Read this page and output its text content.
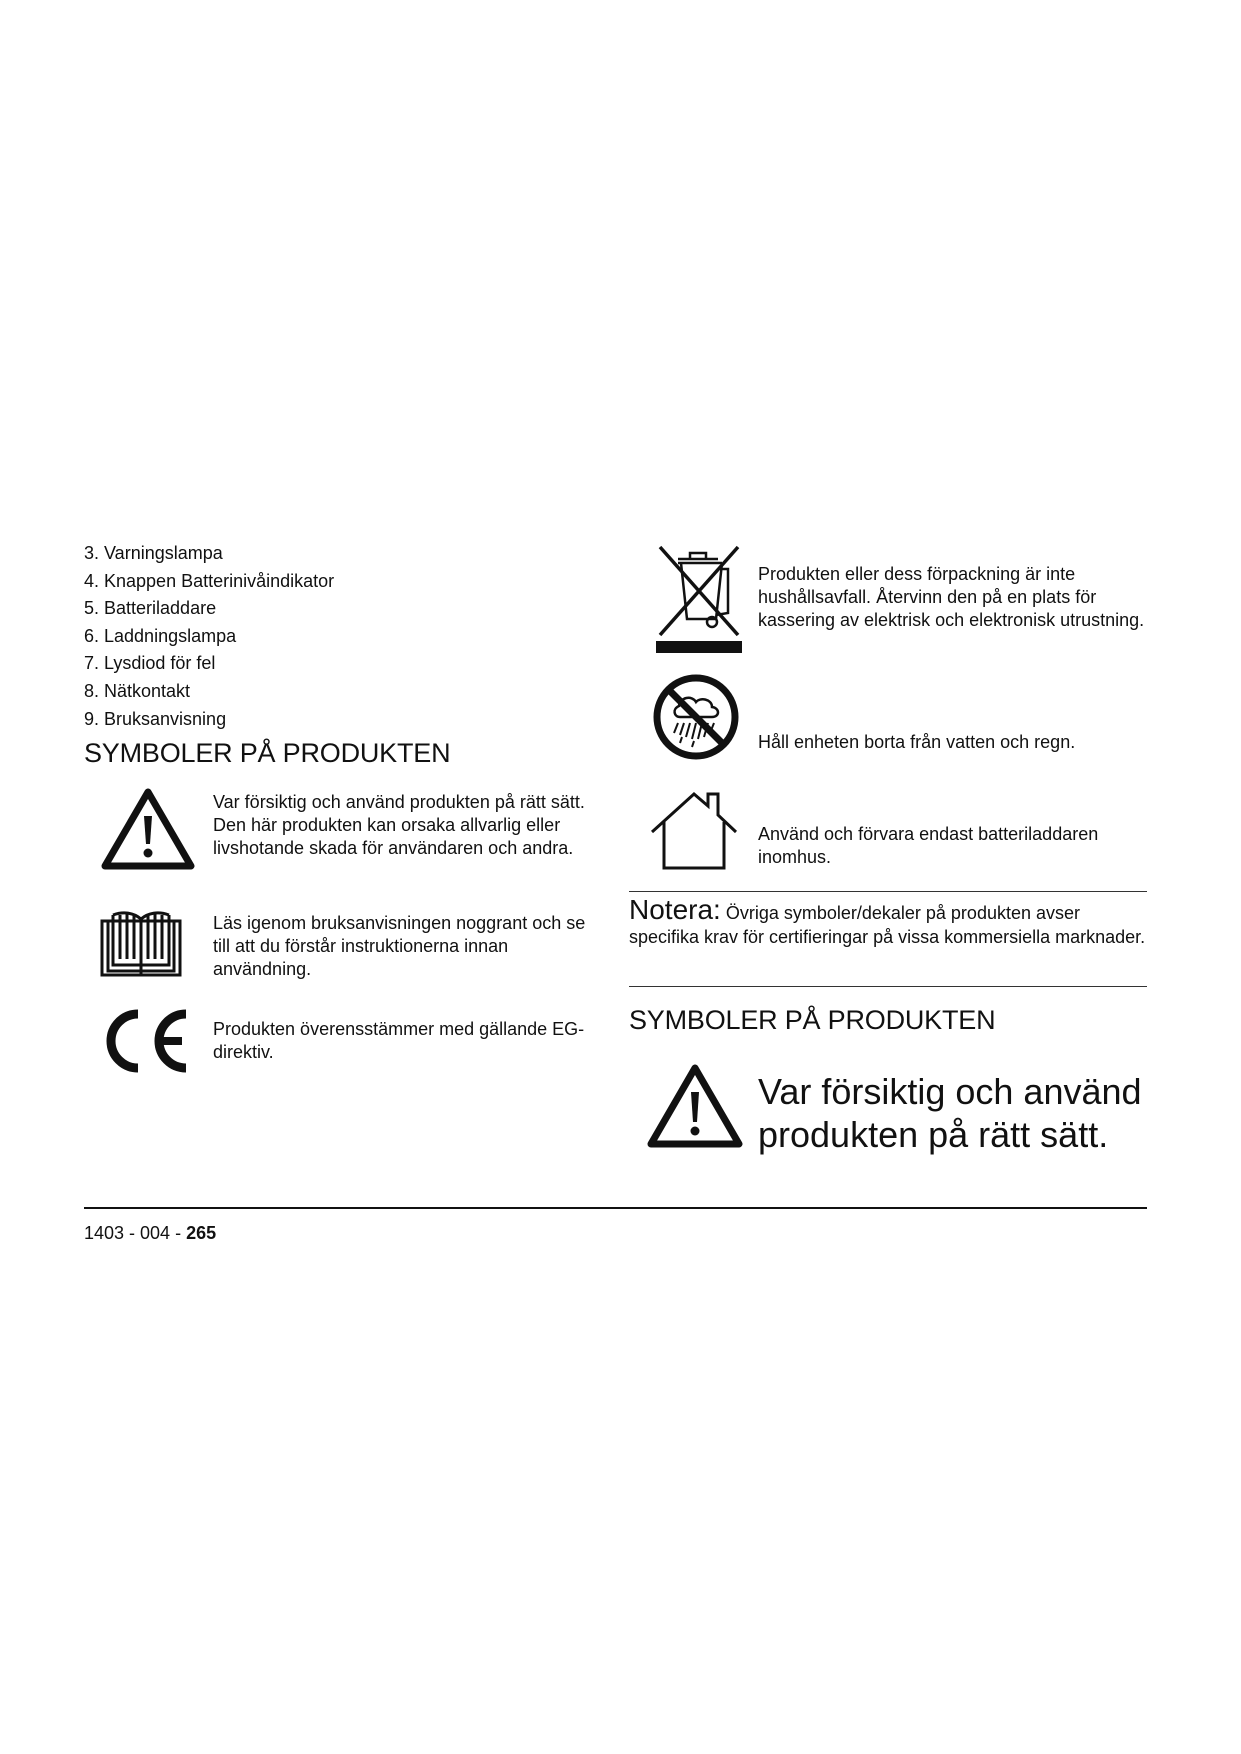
3. Varningslampa
4. Knappen Batterinivåindikator
5. Batteriladdare
6. Laddningslampa
7. Lysdiod för fel
8. Nätkontakt
9. Bruksanvisning
SYMBOLER PÅ PRODUKTEN
Var försiktig och använd produkten på rätt sätt. Den här produkten kan orsaka allvarlig eller livshotande skada för användaren och andra.
Läs igenom bruksanvisningen noggrant och se till att du förstår instruktionerna innan användning.
Produkten överensstämmer med gällande EG-direktiv.
Produkten eller dess förpackning är inte hushållsavfall. Återvinn den på en plats för kassering av elektrisk och elektronisk utrustning.
Håll enheten borta från vatten och regn.
Använd och förvara endast batteriladdaren inomhus.
Notera: Övriga symboler/dekaler på produkten avser specifika krav för certifieringar på vissa kommersiella marknader.
SYMBOLER PÅ PRODUKTEN
Var försiktig och använd
produkten på rätt sätt.
1403 - 004 - 265
